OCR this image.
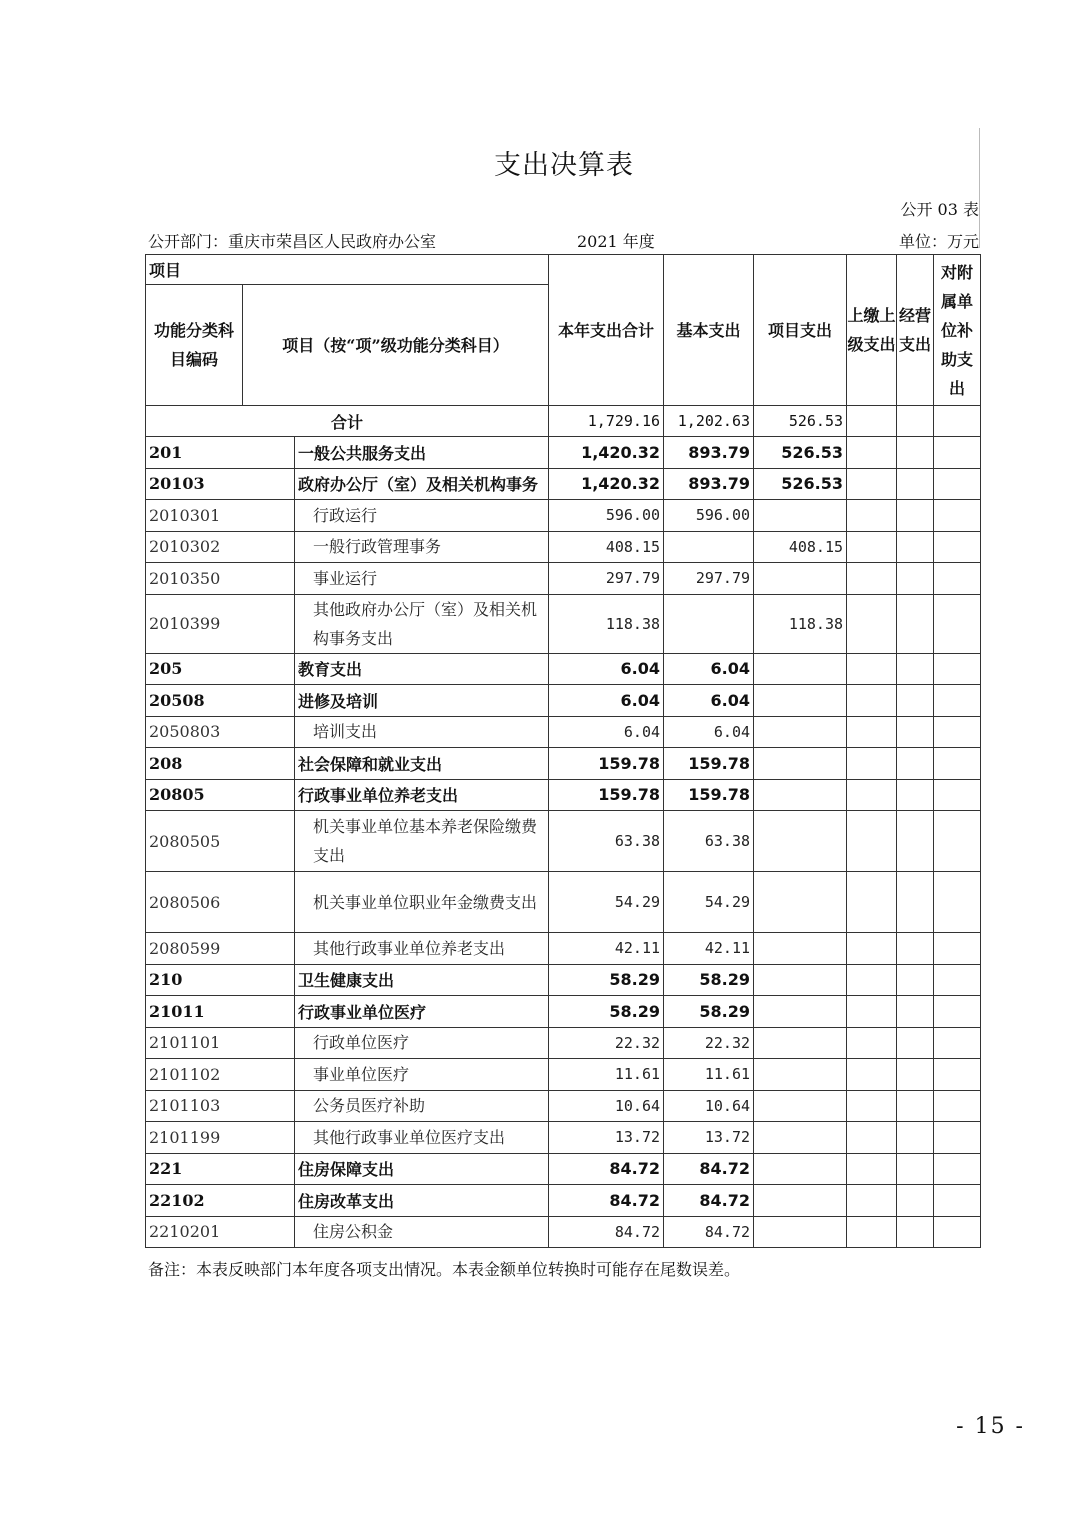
支出决算表
公开 03 表
公开部门：重庆市荣昌区人民政府办公室	2021 年度	单位：万元
项目			本年支出合计	基本支出	项目支出	上缴上级支出	经营支出	对附属单位补助支出
功能分类科目编码	项目（按“项”级功能分类科目）							
合计			1,729.16	1,202.63	526.53			
201		一般公共服务支出	1,420.32	893.79	526.53			
20103		政府办公厅（室）及相关机构事务	1,420.32	893.79	526.53			
2010301		行政运行	596.00	596.00				
2010302		一般行政管理事务	408.15		408.15			
2010350		事业运行	297.79	297.79				
2010399		其他政府办公厅（室）及相关机构事务支出	118.38		118.38			
205		教育支出	6.04	6.04				
20508		进修及培训	6.04	6.04				
2050803		培训支出	6.04	6.04				
208		社会保障和就业支出	159.78	159.78				
20805		行政事业单位养老支出	159.78	159.78				
2080505		机关事业单位基本养老保险缴费支出	63.38	63.38				
2080506		机关事业单位职业年金缴费支出	54.29	54.29				
2080599		其他行政事业单位养老支出	42.11	42.11				
210		卫生健康支出	58.29	58.29				
21011		行政事业单位医疗	58.29	58.29				
2101101		行政单位医疗	22.32	22.32				
2101102		事业单位医疗	11.61	11.61				
2101103		公务员医疗补助	10.64	10.64				
2101199		其他行政事业单位医疗支出	13.72	13.72				
221		住房保障支出	84.72	84.72				
22102		住房改革支出	84.72	84.72				
2210201		住房公积金	84.72	84.72				
备注：本表反映部门本年度各项支出情况。本表金额单位转换时可能存在尾数误差。
- 15 -
